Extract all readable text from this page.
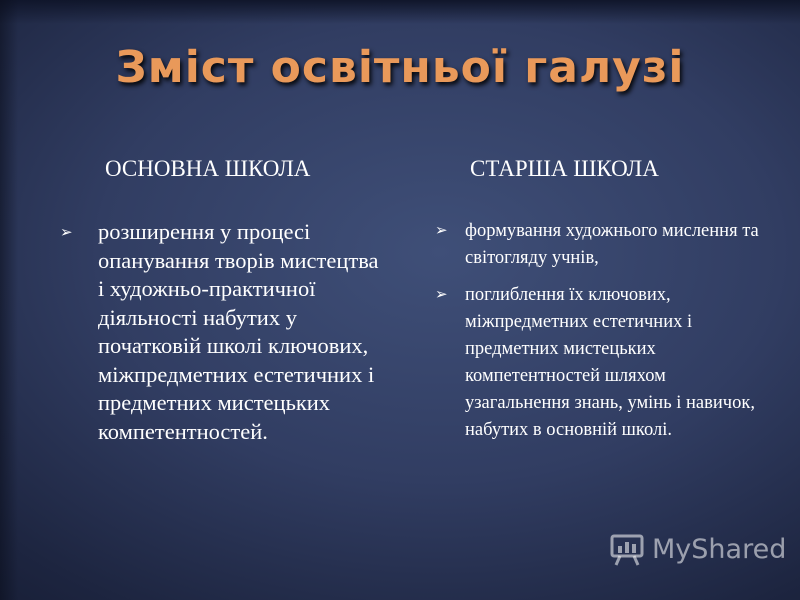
Зміст освітньої галузі

ОСНОВНА ШКОЛА	СТАРША ШКОЛА

➢ розширення у процесі опанування творів мистецтва і художньо-практичної діяльності набутих у початковій школі ключових, міжпредметних естетичних і предметних мистецьких компетентностей.
➢ формування художнього мислення та світогляду учнів,
➢ поглиблення їх ключових, міжпредметних естетичних і предметних мистецьких компетентностей шляхом узагальнення знань, умінь і навичок, набутих в основній школі.
MyShared
